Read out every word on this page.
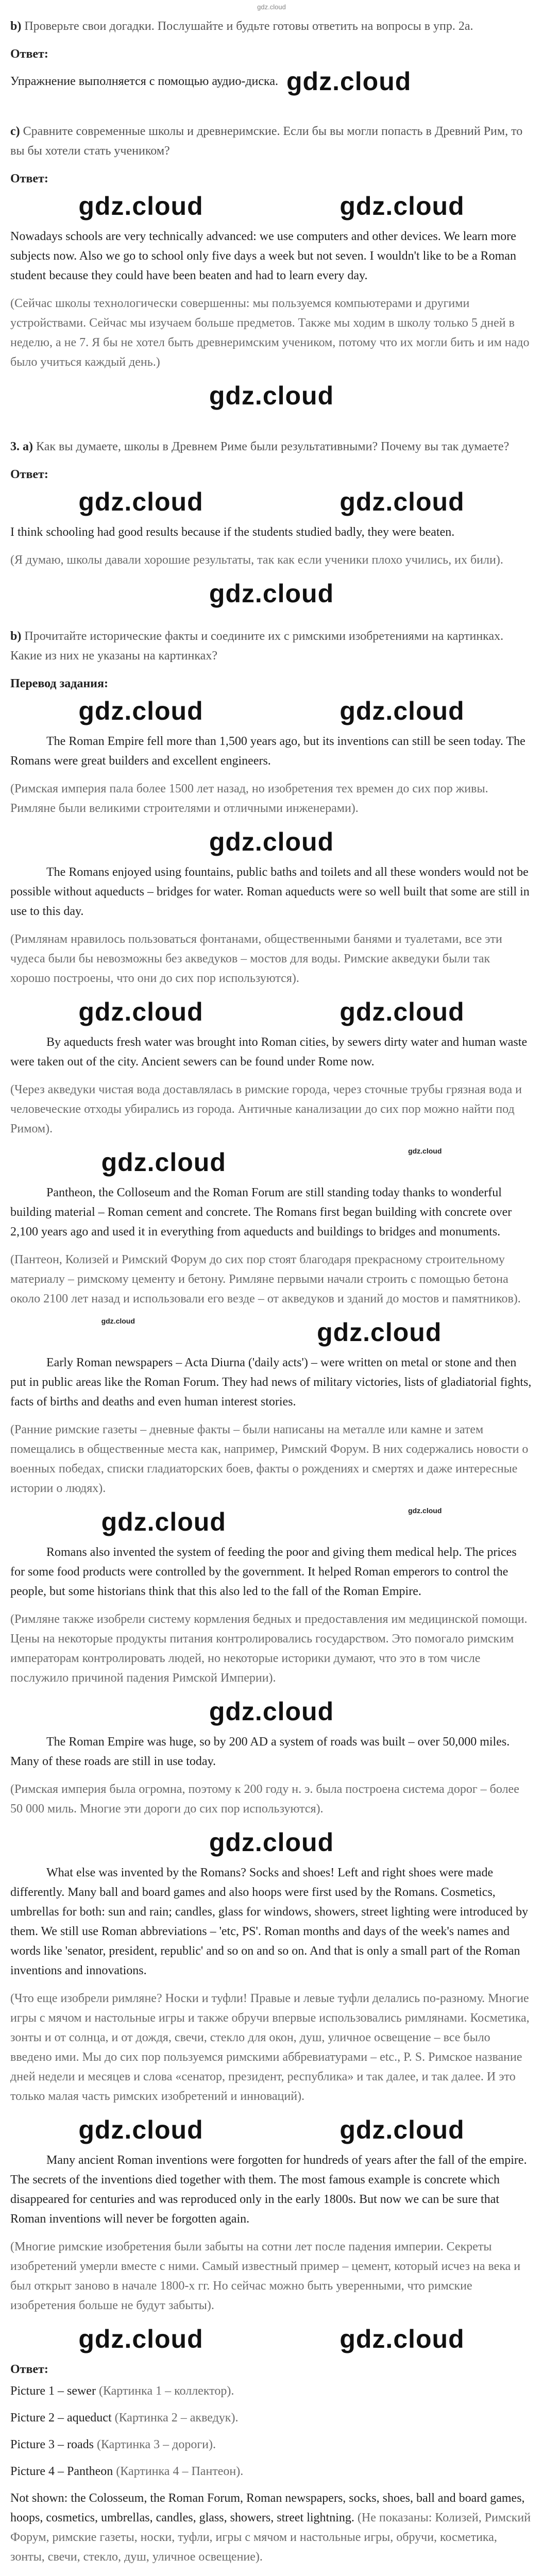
gdz.cloud

b) Проверьте свои догадки. Послушайте и будьте готовы ответить на вопросы в упр. 2a.

Ответ:

Упражнение выполняется с помощью аудио-диска. gdz.cloud

c) Сравните современные школы и древнеримские. Если бы вы могли попасть в Древний Рим, то вы бы хотели стать учеником?

Ответ:

gdz.cloud	gdz.cloud

Nowadays schools are very technically advanced: we use computers and other devices. We learn more subjects now. Also we go to school only five days a week but not seven. I wouldn't like to be a Roman student because they could have been beaten and had to learn every day.

(Сейчас школы технологически совершенны: мы пользуемся компьютерами и другими устройствами. Сейчас мы изучаем больше предметов. Также мы ходим в школу только 5 дней в неделю, а не 7. Я бы не хотел быть древнеримским учеником, потому что их могли бить и им надо было учиться каждый день.)

gdz.cloud

3. a) Как вы думаете, школы в Древнем Риме были результативными? Почему вы так думаете?

Ответ:

gdz.cloud	gdz.cloud

I think schooling had good results because if the students studied badly, they were beaten.

(Я думаю, школы давали хорошие результаты, так как если ученики плохо учились, их били).

gdz.cloud

b) Прочитайте исторические факты и соедините их с римскими изобретениями на картинках. Какие из них не указаны на картинках?

Перевод задания:

gdz.cloud	gdz.cloud

The Roman Empire fell more than 1,500 years ago, but its inventions can still be seen today. The Romans were great builders and excellent engineers.

(Римская империя пала более 1500 лет назад, но изобретения тех времен до сих пор живы. Римляне были великими строителями и отличными инженерами).

gdz.cloud

The Romans enjoyed using fountains, public baths and toilets and all these wonders would not be possible without aqueducts – bridges for water. Roman aqueducts were so well built that some are still in use to this day.

(Римлянам нравилось пользоваться фонтанами, общественными банями и туалетами, все эти чудеса были бы невозможны без акведуков – мостов для воды. Римские акведуки были так хорошо построены, что они до сих пор используются).

gdz.cloud	gdz.cloud

By aqueducts fresh water was brought into Roman cities, by sewers dirty water and human waste were taken out of the city. Ancient sewers can be found under Rome now.

(Через акведуки чистая вода доставлялась в римские города, через сточные трубы грязная вода и человеческие отходы убирались из города. Античные канализации до сих пор можно найти под Римом).

gdz.cloud	gdz.cloud

Pantheon, the Colloseum and the Roman Forum are still standing today thanks to wonderful building material – Roman cement and concrete. The Romans first began building with concrete over 2,100 years ago and used it in everything from aqueducts and buildings to bridges and monuments.

(Пантеон, Колизей и Римский Форум до сих пор стоят благодаря прекрасному строительному материалу – римскому цементу и бетону. Римляне первыми начали строить с помощью бетона около 2100 лет назад и использовали его везде – от акведуков и зданий до мостов и памятников).

gdz.cloud	gdz.cloud

Early Roman newspapers – Acta Diurna ('daily acts') – were written on metal or stone and then put in public areas like the Roman Forum. They had news of military victories, lists of gladiatorial fights, facts of births and deaths and even human interest stories.

(Ранние римские газеты – дневные факты – были написаны на металле или камне и затем помещались в общественные места как, например, Римский Форум. В них содержались новости о военных победах, списки гладиаторских боев, факты о рождениях и смертях и даже интересные истории о людях).

gdz.cloud	gdz.cloud

Romans also invented the system of feeding the poor and giving them medical help. The prices for some food products were controlled by the government. It helped Roman emperors to control the people, but some historians think that this also led to the fall of the Roman Empire.

(Римляне также изобрели систему кормления бедных и предоставления им медицинской помощи. Цены на некоторые продукты питания контролировались государством. Это помогало римским императорам контролировать людей, но некоторые историки думают, что это в том числе послужило причиной падения Римской Империи).

gdz.cloud

The Roman Empire was huge, so by 200 AD a system of roads was built – over 50,000 miles. Many of these roads are still in use today.

(Римская империя была огромна, поэтому к 200 году н. э. была построена система дорог – более 50 000 миль. Многие эти дороги до сих пор используются).

gdz.cloud

What else was invented by the Romans? Socks and shoes! Left and right shoes were made differently. Many ball and board games and also hoops were first used by the Romans. Cosmetics, umbrellas for both: sun and rain; candles, glass for windows, showers, street lighting were introduced by them. We still use Roman abbreviations – 'etc, PS'. Roman months and days of the week's names and words like 'senator, president, republic' and so on and so on. And that is only a small part of the Roman inventions and innovations.

(Что еще изобрели римляне? Носки и туфли! Правые и левые туфли делались по-разному. Многие игры с мячом и настольные игры и также обручи впервые использовались римлянами. Косметика, зонты и от солнца, и от дождя, свечи, стекло для окон, душ, уличное освещение – все было введено ими. Мы до сих пор пользуемся римскими аббревиатурами – etc., P. S. Римское название дней недели и месяцев и слова «сенатор, президент, республика» и так далее, и так далее. И это только малая часть римских изобретений и инноваций).

gdz.cloud	gdz.cloud

Many ancient Roman inventions were forgotten for hundreds of years after the fall of the empire. The secrets of the inventions died together with them. The most famous example is concrete which disappeared for centuries and was reproduced only in the early 1800s. But now we can be sure that Roman inventions will never be forgotten again.

(Многие римские изобретения были забыты на сотни лет после падения империи. Секреты изобретений умерли вместе с ними. Самый известный пример – цемент, который исчез на века и был открыт заново в начале 1800-х гг. Но сейчас можно быть уверенными, что римские изобретения больше не будут забыты).

gdz.cloud	gdz.cloud

Ответ:

Picture 1 – sewer (Картинка 1 – коллектор).

Picture 2 – aqueduct (Картинка 2 – акведук).

Picture 3 – roads (Картинка 3 – дороги).

Picture 4 – Pantheon (Картинка 4 – Пантеон).

Not shown: the Colosseum, the Roman Forum, Roman newspapers, socks, shoes, ball and board games, hoops, cosmetics, umbrellas, candles, glass, showers, street lightning. (Не показаны: Колизей, Римский Форум, римские газеты, носки, туфли, игры с мячом и настольные игры, обручи, косметика, зонты, свечи, стекло, душ, уличное освещение).
